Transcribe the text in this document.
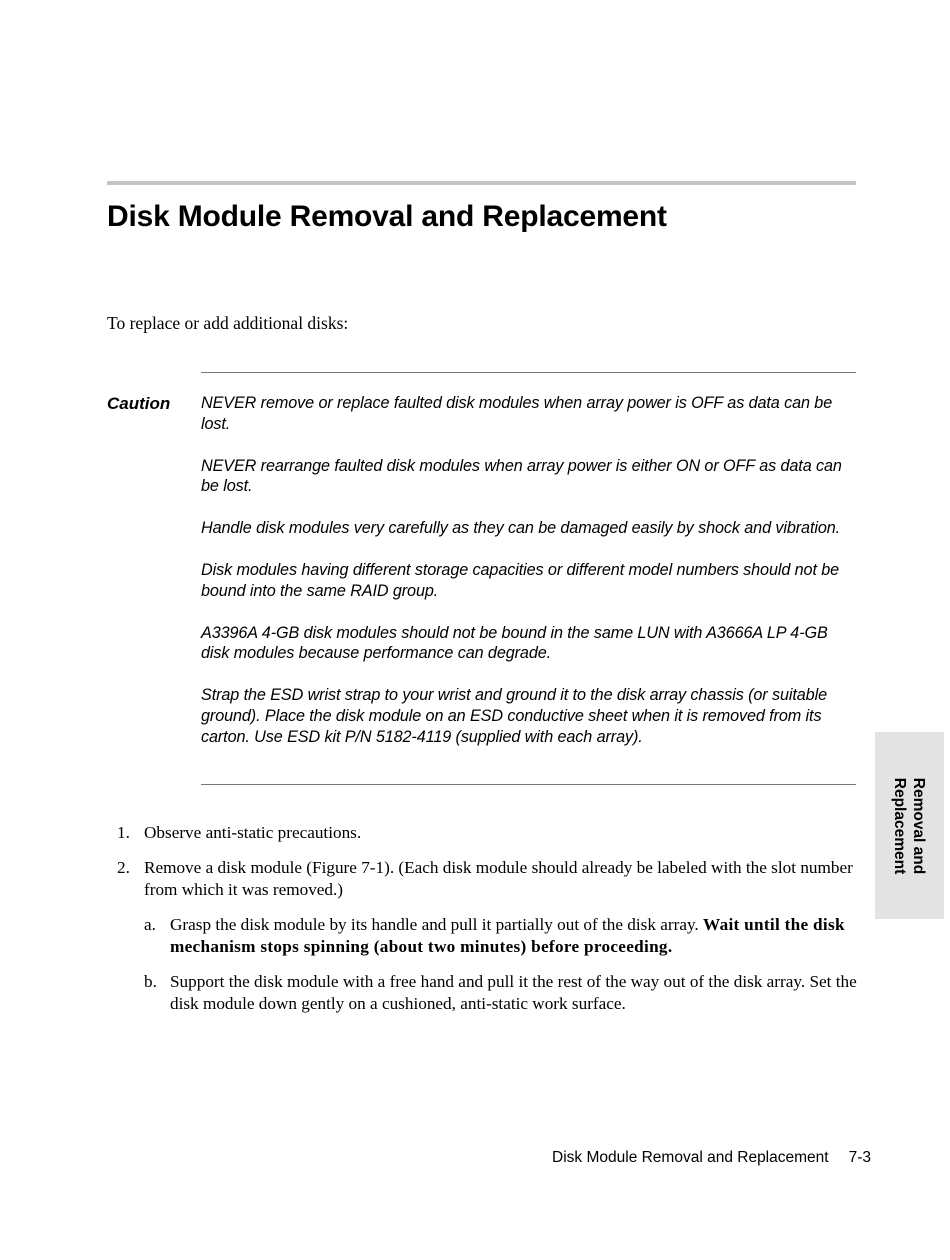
Disk Module Removal and Replacement

To replace or add additional disks:

Caution NEVER remove or replace faulted disk modules when array power is OFF as data can be lost.

NEVER rearrange faulted disk modules when array power is either ON or OFF as data can be lost.

Handle disk modules very carefully as they can be damaged easily by shock and vibration.

Disk modules having different storage capacities or different model numbers should not be bound into the same RAID group.

A3396A 4-GB disk modules should not be bound in the same LUN with A3666A LP 4-GB disk modules because performance can degrade.

Strap the ESD wrist strap to your wrist and ground it to the disk array chassis (or suitable ground). Place the disk module on an ESD conductive sheet when it is removed from its carton. Use ESD kit P/N 5182-4119 (supplied with each array).

1. Observe anti-static precautions.
2. Remove a disk module (Figure 7-1). (Each disk module should already be labeled with the slot number from which it was removed.)
a. Grasp the disk module by its handle and pull it partially out of the disk array. Wait until the disk mechanism stops spinning (about two minutes) before proceeding.
b. Support the disk module with a free hand and pull it the rest of the way out of the disk array. Set the disk module down gently on a cushioned, anti-static work surface.
Removal and
Replacement
Disk Module Removal and Replacement 7-3
